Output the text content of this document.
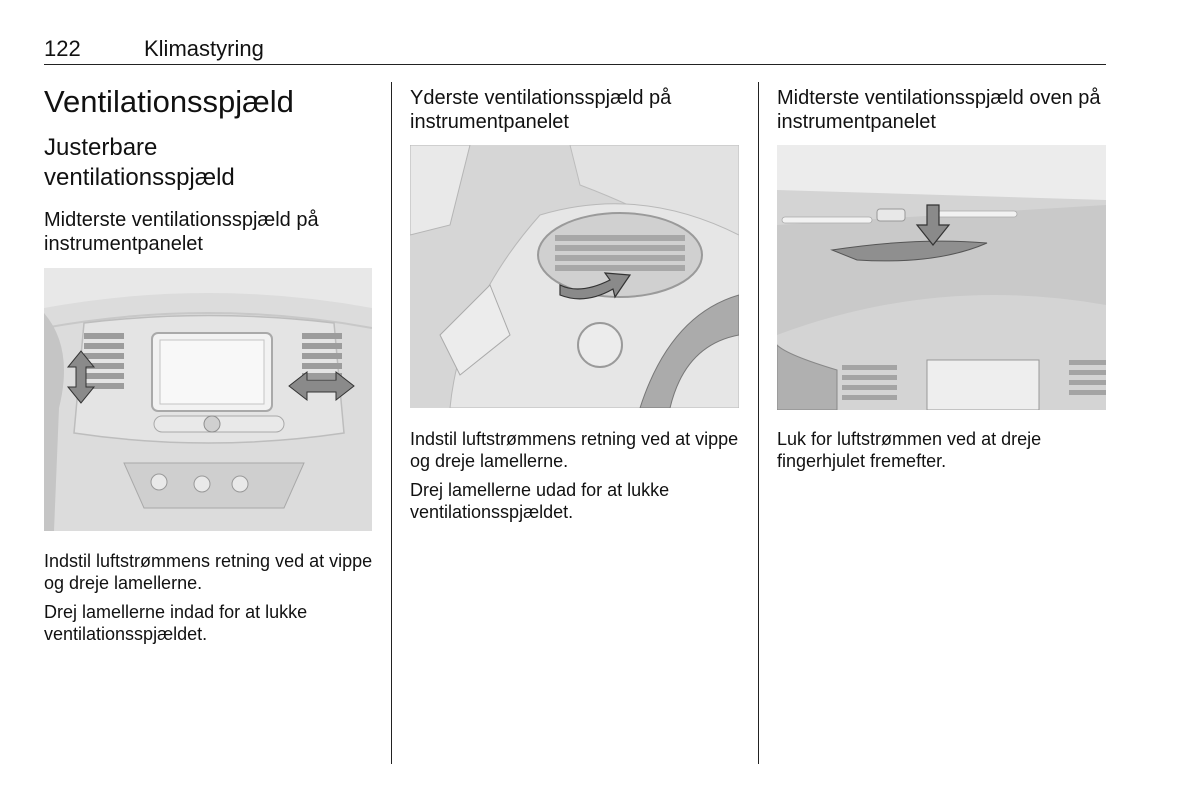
122	Klimastyring
Ventilationsspjæld
Justerbare ventilationsspjæld
Midterste ventilationsspjæld på instrumentpanelet
Indstil luftstrømmens retning ved at vippe og dreje lamellerne.
Drej lamellerne indad for at lukke ventilationsspjældet.
Yderste ventilationsspjæld på instrumentpanelet
Indstil luftstrømmens retning ved at vippe og dreje lamellerne.
Drej lamellerne udad for at lukke ventilationsspjældet.
Midterste ventilationsspjæld oven på instrumentpanelet
Luk for luftstrømmen ved at dreje fingerhjulet fremefter.
